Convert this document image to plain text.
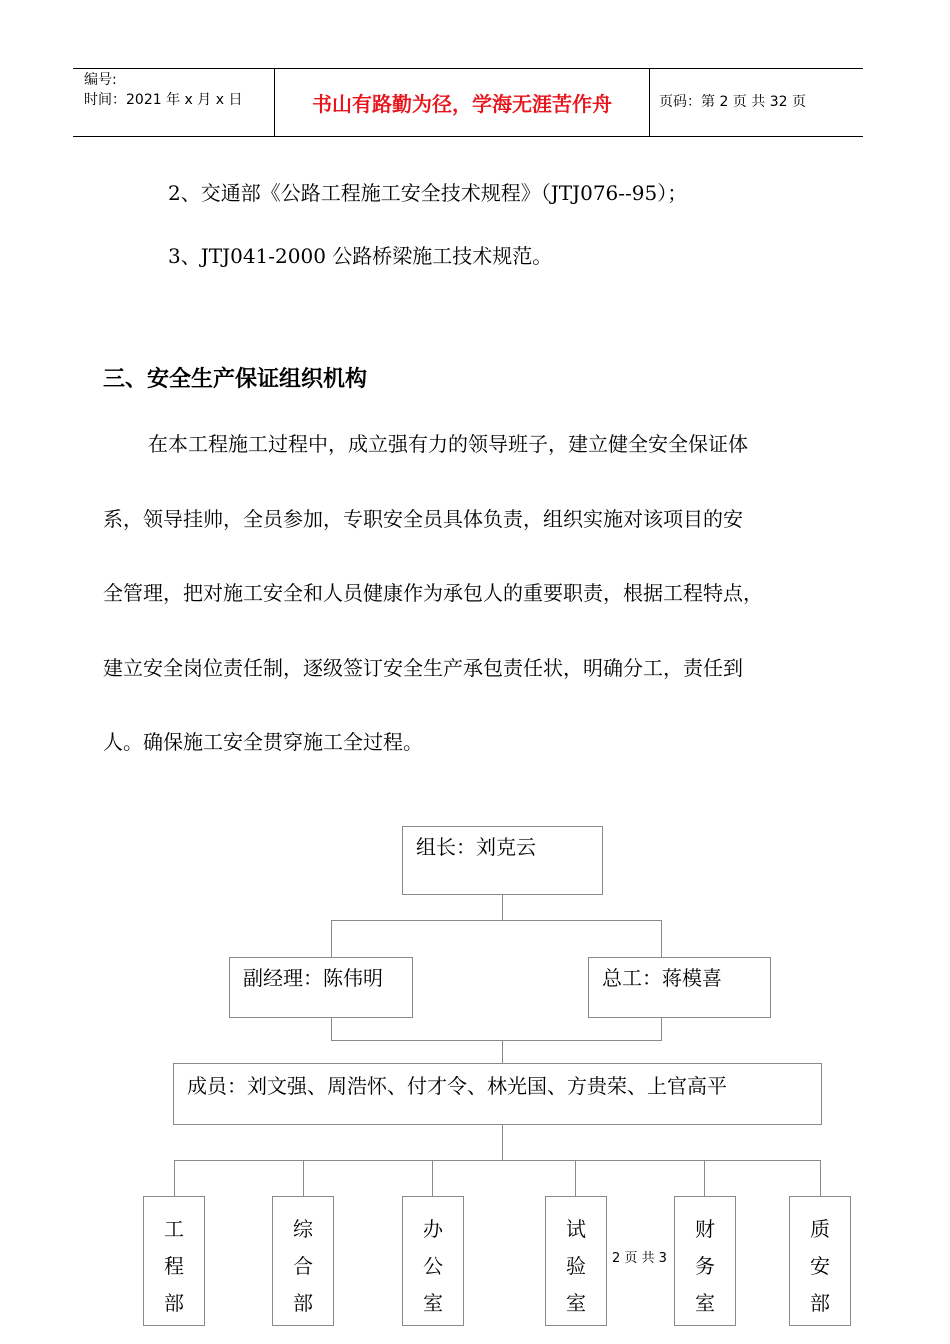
编号:
时间：2021 年 x 月 x 日	书山有路勤为径，学海无涯苦作舟	页码：第 2 页 共 32 页
2、交通部《公路工程施工安全技术规程》（JTJ076--95）；
3、JTJ041-2000 公路桥梁施工技术规范。
三、安全生产保证组织机构
在本工程施工过程中，成立强有力的领导班子，建立健全安全保证体
系，领导挂帅，全员参加，专职安全员具体负责，组织实施对该项目的安
全管理，把对施工安全和人员健康作为承包人的重要职责，根据工程特点，
建立安全岗位责任制，逐级签订安全生产承包责任状，明确分工，责任到
人。确保施工安全贯穿施工全过程。
组长：刘克云
副经理：陈伟明	总工：蒋模喜
成员：刘文强、周浩怀、付才令、林光国、方贵荣、上官高平
工
程
部
综
合
部
办
公
室
试
验
室
财
务
室
质
安
部
2 页 共 3
